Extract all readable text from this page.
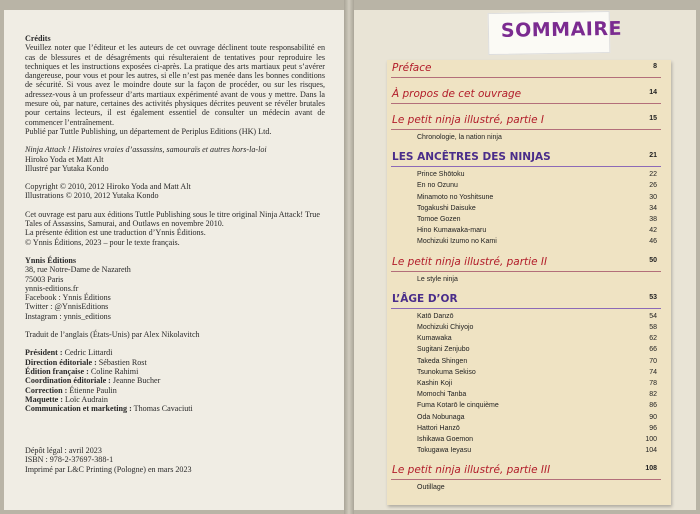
Crédits

Veuillez noter que l’éditeur et les auteurs de cet ouvrage déclinent toute responsabilité en cas de blessures et de désagréments qui résulteraient de tentatives pour reproduire les techniques et les instructions exposées ci-après. La pratique des arts martiaux peut s’avérer dangereuse, pour vous et pour les autres, si elle n’est pas menée dans les bonnes conditions de sécurité. Si vous avez le moindre doute sur la façon de procéder, ou sur les risques, adressez-vous à un professeur d’arts martiaux expérimenté avant de vous y mettre. Dans la mesure où, par nature, certaines des activités physiques décrites peuvent se révéler brutales pour certains lecteurs, il est également essentiel de consulter un médecin avant de commencer l’entraînement.

Publié par Tuttle Publishing, un département de Periplus Editions (HK) Ltd.

Ninja Attack ! Histoires vraies d’assassins, samouraïs et autres hors-la-loi

Hiroko Yoda et Matt Alt

Illustré par Yutaka Kondo

Copyright © 2010, 2012 Hiroko Yoda and Matt Alt

Illustrations © 2010, 2012 Yutaka Kondo

Cet ouvrage est paru aux éditions Tuttle Publishing sous le titre original Ninja Attack! True Tales of Assassins, Samurai, and Outlaws en novembre 2010.

La présente édition est une traduction d’Ynnis Éditions.

© Ynnis Éditions, 2023 – pour le texte français.

Ynnis Éditions

38, rue Notre-Dame de Nazareth

75003 Paris

ynnis-editions.fr

Facebook : Ynnis Éditions

Twitter : @YnnisEditions

Instagram : ynnis_editions

Traduit de l’anglais (États-Unis) par Alex Nikolavitch

Président : Cedric Littardi

Direction éditoriale : Sébastien Rost

Édition française : Coline Rahimi

Coordination éditoriale : Jeanne Bucher

Correction : Étienne Paulin

Maquette : Loïc Audrain

Communication et marketing : Thomas Cavaciuti

Dépôt légal : avril 2023

ISBN : 978-2-37697-388-1

Imprimé par L&C Printing (Pologne) en mars 2023

SOMMAIRE
Préface	8
À propos de cet ouvrage	14
Le petit ninja illustré, partie I	15
Chronologie, la nation ninja
LES ANCÊTRES DES NINJAS	21
Prince Shōtoku	22
En no Ozunu	26
Minamoto no Yoshitsune	30
Togakushi Daisuke	34
Tomoe Gozen	38
Hino Kumawaka-maru	42
Mochizuki Izumo no Kami	46
Le petit ninja illustré, partie II	50
Le style ninja
L’ÂGE D’OR	53
Katō Danzō	54
Mochizuki Chiyojo	58
Kumawaka	62
Sugitani Zenjubo	66
Takeda Shingen	70
Tsunokuma Sekiso	74
Kashin Koji	78
Momochi Tanba	82
Fuma Kotarō le cinquième	86
Oda Nobunaga	90
Hattori Hanzō	96
Ishikawa Goemon	100
Tokugawa Ieyasu	104
Le petit ninja illustré, partie III	108
Outillage
